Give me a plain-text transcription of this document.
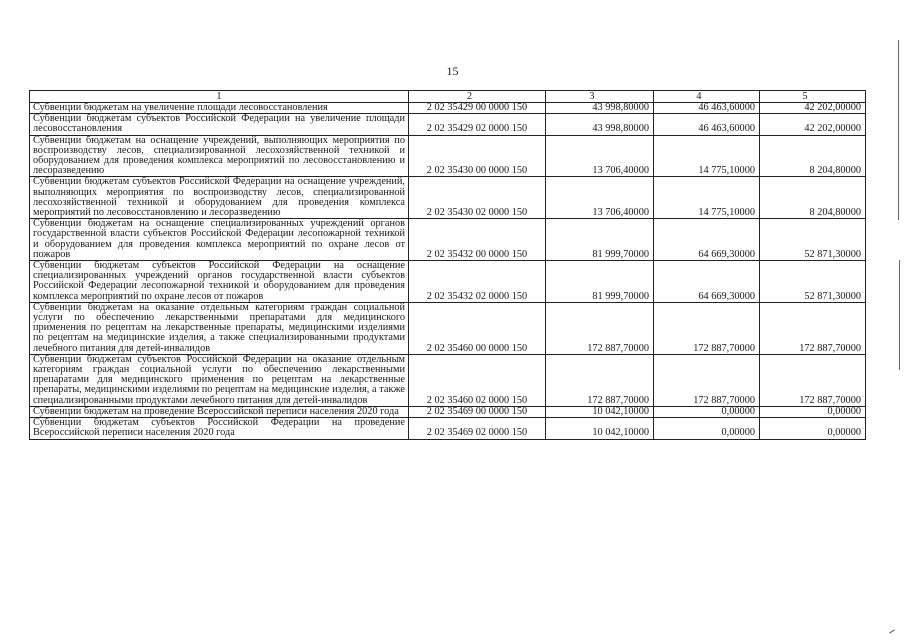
15
1	2	3	4	5
Субвенции бюджетам на увеличение площади лесовосстановления	2 02 35429 00 0000 150	43 998,80000	46 463,60000	42 202,00000
Субвенции бюджетам субъектов Российской Федерации на увеличение площади лесовосстановления	2 02 35429 02 0000 150	43 998,80000	46 463,60000	42 202,00000
Субвенции бюджетам на оснащение учреждений, выполняющих мероприятия по воспроизводству лесов, специализированной лесохозяйственной техникой и оборудованием для проведения комплекса мероприятий по лесовосстановлению и лесоразведению	2 02 35430 00 0000 150	13 706,40000	14 775,10000	8 204,80000
Субвенции бюджетам субъектов Российской Федерации на оснащение учреждений, выполняющих мероприятия по воспроизводству лесов, специализированной лесохозяйственной техникой и оборудованием для проведения комплекса мероприятий по лесовосстановлению и лесоразведению	2 02 35430 02 0000 150	13 706,40000	14 775,10000	8 204,80000
Субвенции бюджетам на оснащение специализированных учреждений органов государственной власти субъектов Российской Федерации лесопожарной техникой и оборудованием для проведения комплекса мероприятий по охране лесов от пожаров	2 02 35432 00 0000 150	81 999,70000	64 669,30000	52 871,30000
Субвенции бюджетам субъектов Российской Федерации на оснащение специализированных учреждений органов государственной власти субъектов Российской Федерации лесопожарной техникой и оборудованием для проведения комплекса мероприятий по охране лесов от пожаров	2 02 35432 02 0000 150	81 999,70000	64 669,30000	52 871,30000
Субвенции бюджетам на оказание отдельным категориям граждан социальной услуги по обеспечению лекарственными препаратами для медицинского применения по рецептам на лекарственные препараты, медицинскими изделиями по рецептам на медицинские изделия, а также специализированными продуктами лечебного питания для детей-инвалидов	2 02 35460 00 0000 150	172 887,70000	172 887,70000	172 887,70000
Субвенции бюджетам субъектов Российской Федерации на оказание отдельным категориям граждан социальной услуги по обеспечению лекарственными препаратами для медицинского применения по рецептам на лекарственные препараты, медицинскими изделиями по рецептам на медицинские изделия, а также специализированными продуктами лечебного питания для детей-инвалидов	2 02 35460 02 0000 150	172 887,70000	172 887,70000	172 887,70000
Субвенции бюджетам на проведение Всероссийской переписи населения 2020 года	2 02 35469 00 0000 150	10 042,10000	0,00000	0,00000
Субвенции бюджетам субъектов Российской Федерации на проведение Всероссийской переписи населения 2020 года	2 02 35469 02 0000 150	10 042,10000	0,00000	0,00000
